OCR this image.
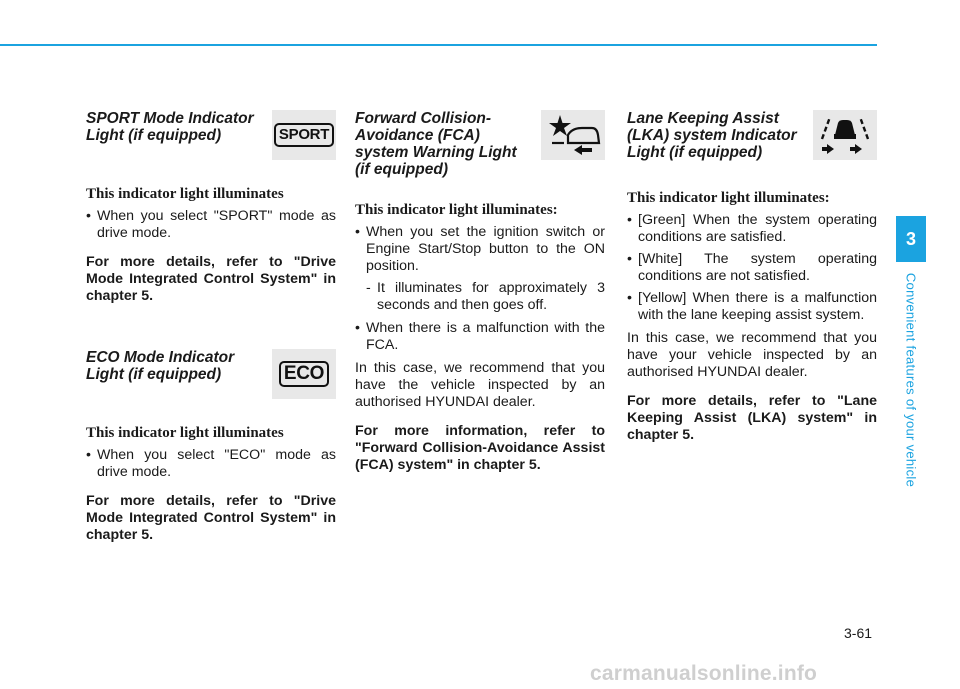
SPORT Mode Indicator Light (if equipped)	SPORT

This indicator light illuminates

• When you select "SPORT" mode as drive mode.

For more details, refer to "Drive Mode Integrated Control System" in chapter 5.

ECO Mode Indicator Light (if equipped)	ECO

This indicator light illuminates

• When you select "ECO" mode as drive mode.

For more details, refer to "Drive Mode Integrated Control System" in chapter 5.

Forward Collision-Avoidance (FCA) system Warning Light (if equipped)

This indicator light illuminates:

• When you set the ignition switch or Engine Start/Stop button to the ON position.
- It illuminates for approximately 3 seconds and then goes off.
• When there is a malfunction with the FCA.

In this case, we recommend that you have the vehicle inspected by an authorised HYUNDAI dealer.

For more information, refer to "Forward Collision-Avoidance Assist (FCA) system" in chapter 5.

Lane Keeping Assist (LKA) system Indicator Light (if equipped)

This indicator light illuminates:

• [Green] When the system operating conditions are satisfied.
• [White] The system operating conditions are not satisfied.
• [Yellow] When there is a malfunction with the lane keeping assist system.

In this case, we recommend that you have your vehicle inspected by an authorised HYUNDAI dealer.

For more details, refer to "Lane Keeping Assist (LKA) system" in chapter 5.

3
Convenient features of your vehicle
3-61
carmanualsonline.info
